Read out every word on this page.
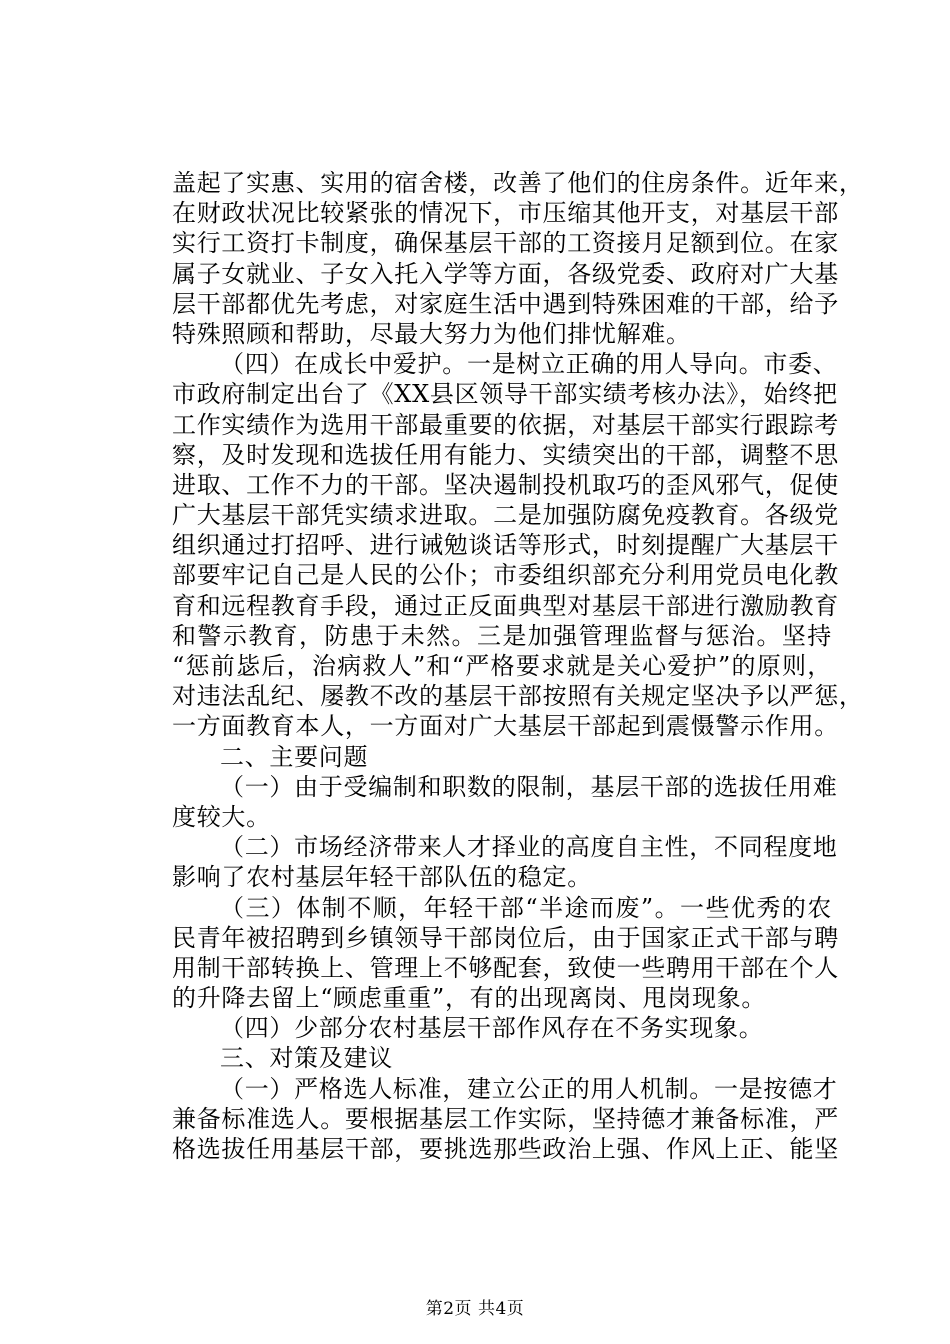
盖起了实惠、实用的宿舍楼，改善了他们的住房条件。近年来，
在财政状况比较紧张的情况下，市压缩其他开支，对基层干部
实行工资打卡制度，确保基层干部的工资接月足额到位。在家
属子女就业、子女入托入学等方面，各级党委、政府对广大基
层干部都优先考虑，对家庭生活中遇到特殊困难的干部，给予
特殊照顾和帮助，尽最大努力为他们排忧解难。
（四）在成长中爱护。一是树立正确的用人导向。市委、
市政府制定出台了《XX县区领导干部实绩考核办法》，始终把
工作实绩作为选用干部最重要的依据，对基层干部实行跟踪考
察，及时发现和选拔任用有能力、实绩突出的干部，调整不思
进取、工作不力的干部。坚决遏制投机取巧的歪风邪气，促使
广大基层干部凭实绩求进取。二是加强防腐免疫教育。各级党
组织通过打招呼、进行诫勉谈话等形式，时刻提醒广大基层干
部要牢记自己是人民的公仆；市委组织部充分利用党员电化教
育和远程教育手段，通过正反面典型对基层干部进行激励教育
和警示教育，防患于未然。三是加强管理监督与惩治。坚持
“惩前毖后，治病救人”和“严格要求就是关心爱护”的原则，
对违法乱纪、屡教不改的基层干部按照有关规定坚决予以严惩，
一方面教育本人，一方面对广大基层干部起到震慑警示作用。
二、主要问题
（一）由于受编制和职数的限制，基层干部的选拔任用难
度较大。
（二）市场经济带来人才择业的高度自主性，不同程度地
影响了农村基层年轻干部队伍的稳定。
（三）体制不顺，年轻干部“半途而废”。一些优秀的农
民青年被招聘到乡镇领导干部岗位后，由于国家正式干部与聘
用制干部转换上、管理上不够配套，致使一些聘用干部在个人
的升降去留上“顾虑重重”，有的出现离岗、甩岗现象。
（四）少部分农村基层干部作风存在不务实现象。
三、对策及建议
（一）严格选人标准，建立公正的用人机制。一是按德才
兼备标准选人。要根据基层工作实际，坚持德才兼备标准，严
格选拔任用基层干部，要挑选那些政治上强、作风上正、能坚
第2页 共4页
